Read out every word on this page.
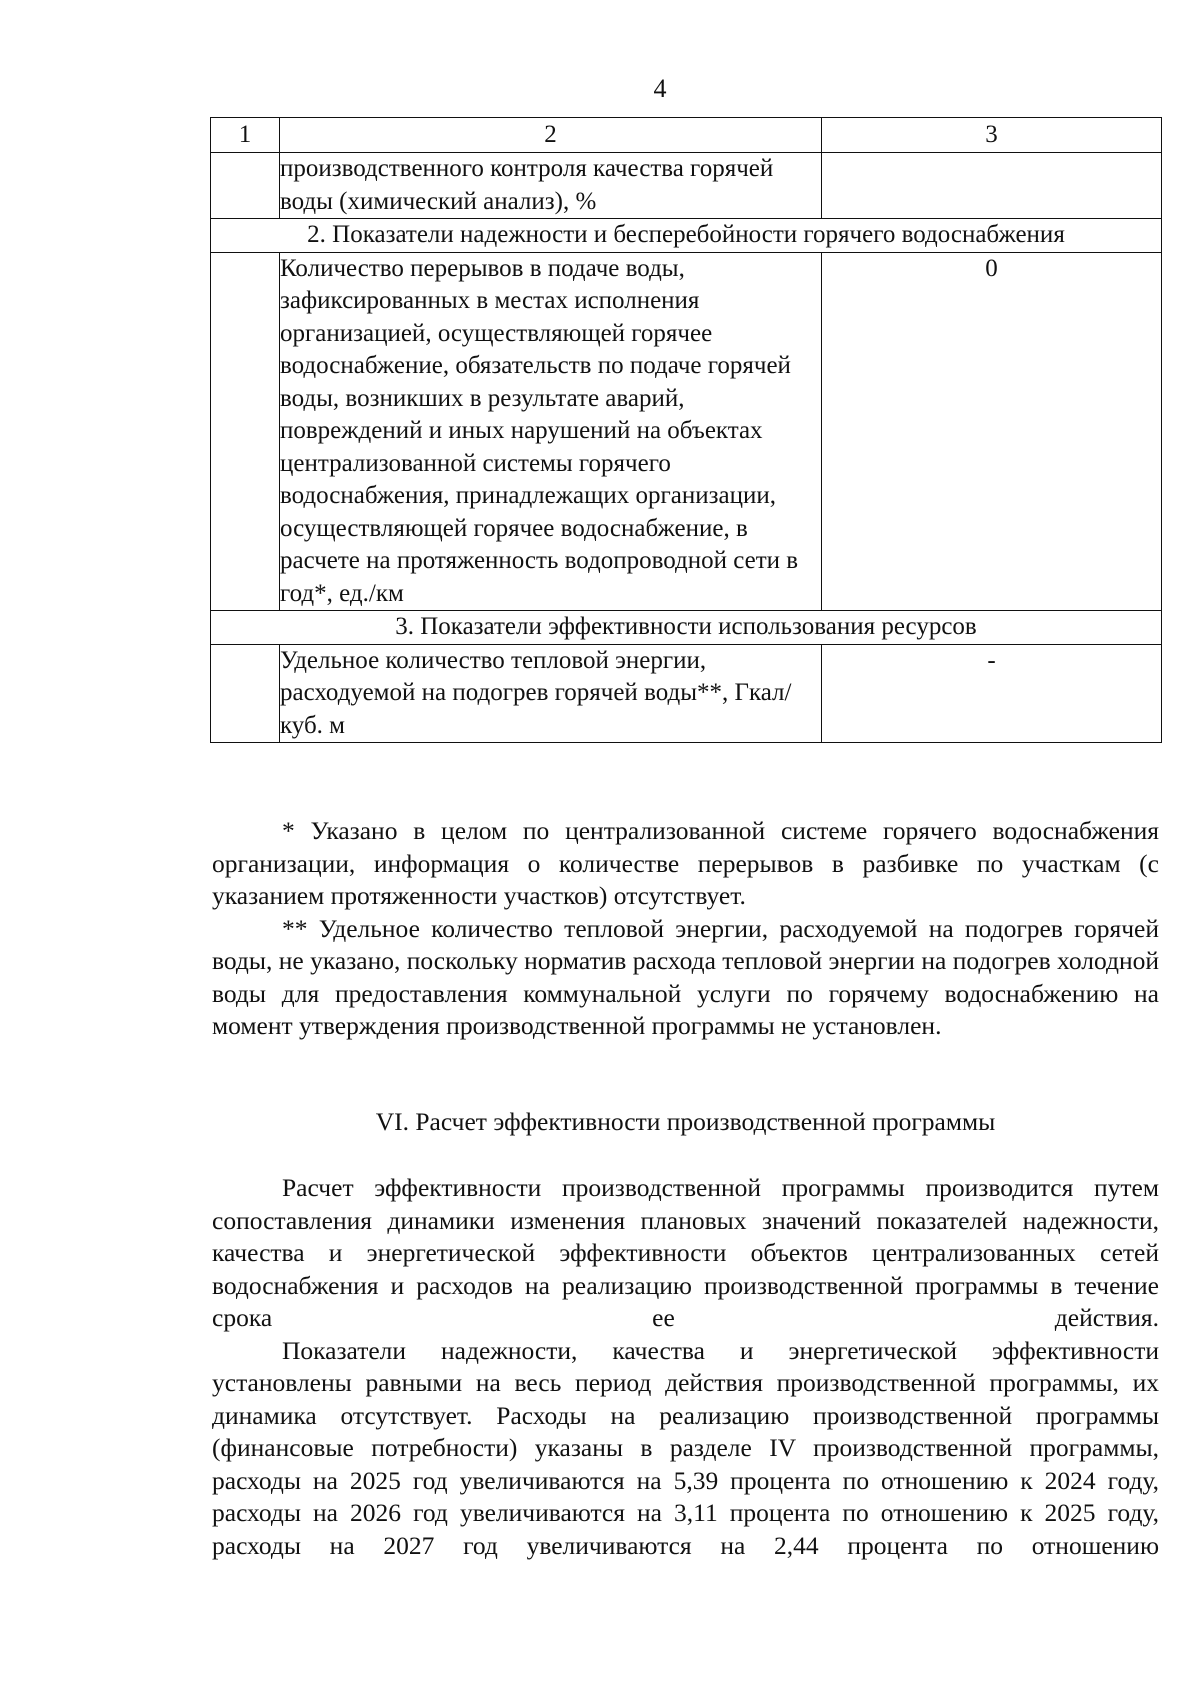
4
1	2	3
	производственного контроля качества горячей воды (химический анализ), %	
2. Показатели надежности и бесперебойности горячего водоснабжения		
	Количество перерывов в подаче воды, зафиксированных в местах исполнения организацией, осуществляющей горячее водоснабжение, обязательств по подаче горячей воды, возникших в результате аварий, повреждений и иных нарушений на объектах централизованной системы горячего водоснабжения, принадлежащих организации, осуществляющей горячее водоснабжение, в расчете на протяженность водопроводной сети в год*, ед./км	0
3. Показатели эффективности использования ресурсов		
	Удельное количество тепловой энергии, расходуемой на подогрев горячей воды**, Гкал/ куб. м	-

* Указано в целом по централизованной системе горячего водоснабжения организации, информация о количестве перерывов в разбивке по участкам (с указанием протяженности участков) отсутствует.

** Удельное количество тепловой энергии, расходуемой на подогрев горячей воды, не указано, поскольку норматив расхода тепловой энергии на подогрев холодной воды для предоставления коммунальной услуги по горячему водоснабжению на момент утверждения производственной программы не установлен.

VI. Расчет эффективности производственной программы

Расчет эффективности производственной программы производится путем сопоставления динамики изменения плановых значений показателей надежности, качества и энергетической эффективности объектов централизованных сетей водоснабжения и расходов на реализацию производственной программы в течение срока ее действия.

Показатели надежности, качества и энергетической эффективности установлены равными на весь период действия производственной программы, их динамика отсутствует. Расходы на реализацию производственной программы (финансовые потребности) указаны в разделе IV производственной программы, расходы на 2025 год увеличиваются на 5,39 процента по отношению к 2024 году, расходы на 2026 год увеличиваются на 3,11 процента по отношению к 2025 году, расходы на 2027 год увеличиваются на 2,44 процента по отношению
